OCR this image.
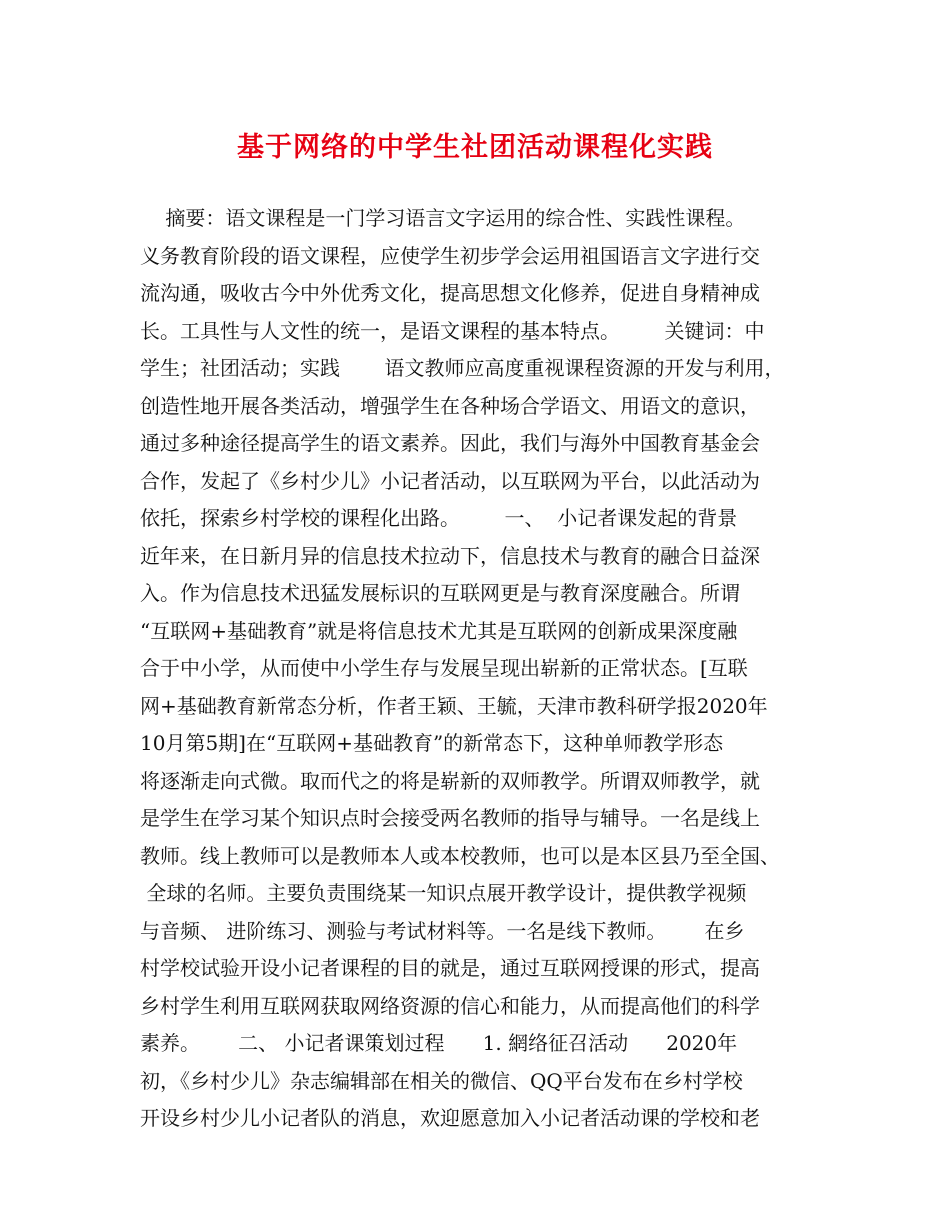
基于网络的中学生社团活动课程化实践
摘要：语文课程是一门学习语言文字运用的综合性、实践性课程。
义务教育阶段的语文课程，应使学生初步学会运用祖国语言文字进行交
流沟通，吸收古今中外优秀文化，提高思想文化修养，促进自身精神成
长。工具性与人文性的统一，是语文课程的基本特点。       关键词：中
学生；社团活动；实践       语文教师应高度重视课程资源的开发与利用，
创造性地开展各类活动，增强学生在各种场合学语文、用语文的意识，
通过多种途径提高学生的语文素养。因此，我们与海外中国教育基金会
合作，发起了《乡村少儿》小记者活动，以互联网为平台，以此活动为
依托，探索乡村学校的课程化出路。       一、  小记者课发起的背景
近年来，在日新月异的信息技术拉动下，信息技术与教育的融合日益深
入。作为信息技术迅猛发展标识的互联网更是与教育深度融合。所谓
“互联网+基础教育”就是将信息技术尤其是互联网的创新成果深度融
合于中小学，从而使中小学生存与发展呈现出崭新的正常状态。[互联
网+基础教育新常态分析，作者王颖、王毓，天津市教科研学报2020年
10月第5期]在“互联网+基础教育”的新常态下，这种单师教学形态
将逐渐走向式微。取而代之的将是崭新的双师教学。所谓双师教学，就
是学生在学习某个知识点时会接受两名教师的指导与辅导。一名是线上
教师。线上教师可以是教师本人或本校教师，也可以是本区县乃至全国、
全球的名师。主要负责围绕某一知识点展开教学设计，提供教学视频
与音频、 进阶练习、测验与考试材料等。一名是线下教师。      在乡
村学校试验开设小记者课程的目的就是，通过互联网授课的形式，提高
乡村学生利用互联网获取网络资源的信心和能力，从而提高他们的科学
素养。      二、 小记者课策划过程      1. 網络征召活动      2020年
初，《乡村少儿》杂志编辑部在相关的微信、QQ平台发布在乡村学校
开设乡村少儿小记者队的消息，欢迎愿意加入小记者活动课的学校和老
